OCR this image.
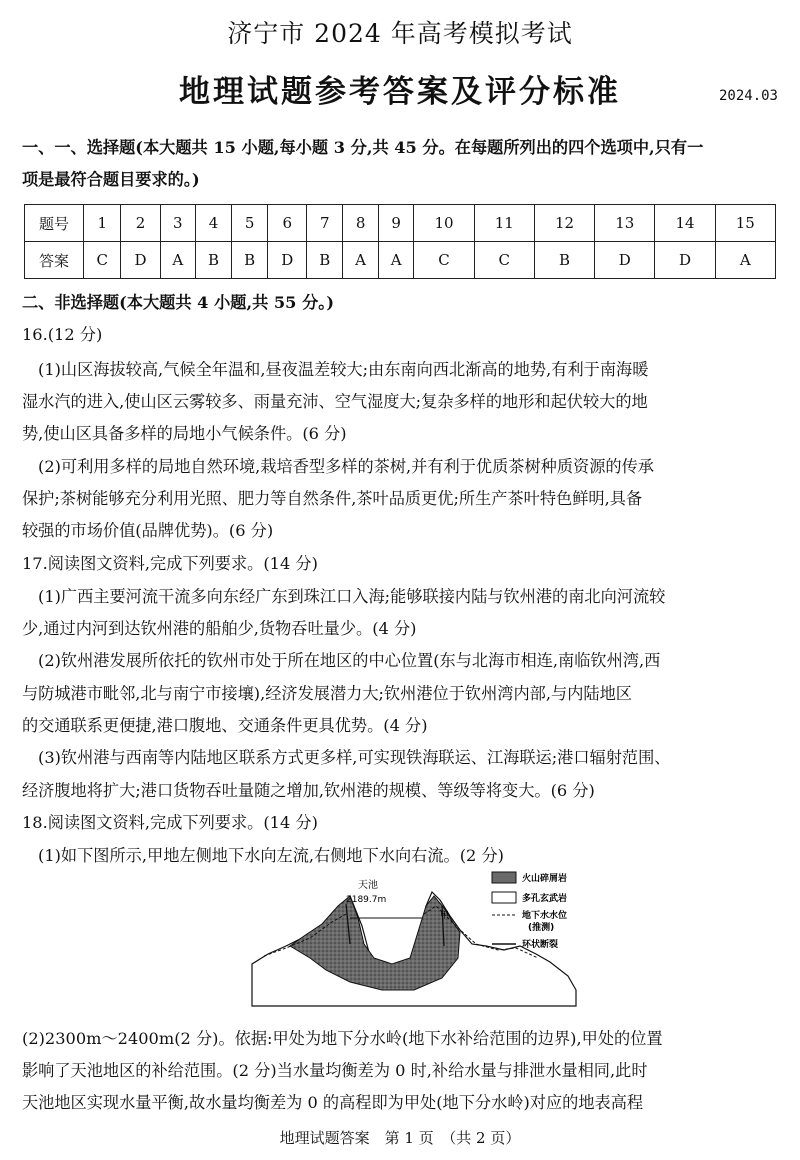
济宁市 2024 年高考模拟考试
地理试题参考答案及评分标准	2024.03
一、一、选择题(本大题共 15 小题,每小题 3 分,共 45 分。在每题所列出的四个选项中,只有一
项是最符合题目要求的。)
题号	1	2	3	4	5	6	7	8	9	10	11	12	13	14	15
答案	C	D	A	B	B	D	B	A	A	C	C	B	D	D	A
二、非选择题(本大题共 4 小题,共 55 分。)
16.(12 分)
(1)山区海拔较高,气候全年温和,昼夜温差较大;由东南向西北渐高的地势,有利于南海暖
湿水汽的进入,使山区云雾较多、雨量充沛、空气湿度大;复杂多样的地形和起伏较大的地
势,使山区具备多样的局地小气候条件。(6 分)
(2)可利用多样的局地自然环境,栽培香型多样的茶树,并有利于优质茶树种质资源的传承
保护;茶树能够充分利用光照、肥力等自然条件,茶叶品质更优;所生产茶叶特色鲜明,具备
较强的市场价值(品牌优势)。(6 分)
17.阅读图文资料,完成下列要求。(14 分)
(1)广西主要河流干流多向东经广东到珠江口入海;能够联接内陆与钦州港的南北向河流较
少,通过内河到达钦州港的船舶少,货物吞吐量少。(4 分)
(2)钦州港发展所依托的钦州市处于所在地区的中心位置(东与北海市相连,南临钦州湾,西
与防城港市毗邻,北与南宁市接壤),经济发展潜力大;钦州港位于钦州湾内部,与内陆地区
的交通联系更便捷,港口腹地、交通条件更具优势。(4 分)
(3)钦州港与西南等内陆地区联系方式更多样,可实现铁海联运、江海联运;港口辐射范围、
经济腹地将扩大;港口货物吞吐量随之增加,钦州港的规模、等级等将变大。(6 分)
18.阅读图文资料,完成下列要求。(14 分)
(1)如下图所示,甲地左侧地下水向左流,右侧地下水向右流。(2 分)
天池
2189.7m
甲
火山碎屑岩
多孔玄武岩
地下水水位
(推测)
环状断裂
(2)2300m～2400m(2 分)。依据:甲处为地下分水岭(地下水补给范围的边界),甲处的位置
影响了天池地区的补给范围。(2 分)当水量均衡差为 0 时,补给水量与排泄水量相同,此时
天池地区实现水量平衡,故水量均衡差为 0 的高程即为甲处(地下分水岭)对应的地表高程
地理试题答案　第 1 页　（共 2 页）
